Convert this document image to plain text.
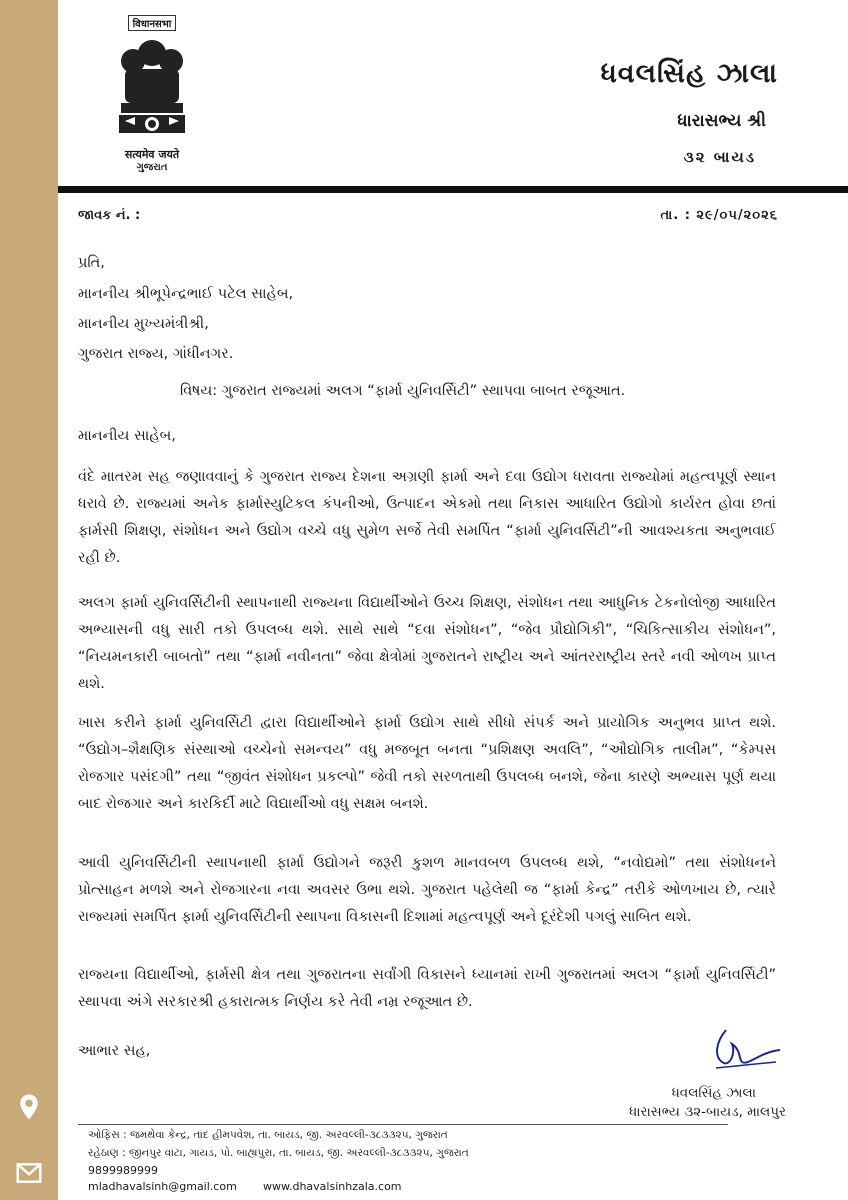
विधानसभा
सत्यमेव जयते
ગુજરાત
ધવલસિંહ ઝાલા
ધારાસભ્ય શ્રી
૩૨ બાયડ
જાવક નં. :	તા. : ૨૯/૦૫/૨૦૨૬
પ્રતિ,
માનનીય શ્રીભૂપેન્દ્રભાઈ પટેલ સાહેબ,
માનનીય મુખ્યમંત્રીશ્રી,
ગુજરાત રાજ્ય, ગાંધીનગર.
વિષય: ગુજરાત રાજ્યમાં અલગ “ફાર્મા યુનિવર્સિટી” સ્થાપવા બાબત રજૂઆત.
માનનીય સાહેબ,
વંદે માતરમ સહ જણાવવાનું કે ગુજરાત રાજ્ય દેશના અગ્રણી ફાર્મા અને દવા ઉદ્યોગ ધરાવતા રાજ્યોમાં મહત્વપૂર્ણ સ્થાન ધરાવે છે. રાજ્યમાં અનેક ફાર્માસ્યુટિકલ કંપનીઓ, ઉત્પાદન એકમો તથા નિકાસ આધારિત ઉદ્યોગો કાર્યરત હોવા છતાં ફાર્મસી શિક્ષણ, સંશોધન અને ઉદ્યોગ વચ્ચે વધુ સુમેળ સર્જે તેવી સમર્પિત “ફાર્મા યુનિવર્સિટી”ની આવશ્યકતા અનુભવાઈ રહી છે.
અલગ ફાર્મા યુનિવર્સિટીની સ્થાપનાથી રાજ્યના વિદ્યાર્થીઓને ઉચ્ચ શિક્ષણ, સંશોધન તથા આધુનિક ટેકનોલોજી આધારિત અભ્યાસની વધુ સારી તકો ઉપલબ્ધ થશે. સાથે સાથે “દવા સંશોધન”, “જેવ પ્રૌદ્યોગિકી”, “ચિકિત્સાકીય સંશોધન”, “નિયમનકારી બાબતો” તથા “ફાર્મા નવીનતા” જેવા ક્ષેત્રોમાં ગુજરાતને રાષ્ટ્રીય અને આંતરરાષ્ટ્રીય સ્તરે નવી ઓળખ પ્રાપ્ત થશે.
ખાસ કરીને ફાર્મા યુનિવર્સિટી દ્વારા વિદ્યાર્થીઓને ફાર્મા ઉદ્યોગ સાથે સીધો સંપર્ક અને પ્રાયોગિક અનુભવ પ્રાપ્ત થશે. “ઉદ્યોગ–શૈક્ષણિક સંસ્થાઓ વચ્ચેનો સમન્વય” વધુ મજબૂત બનતા “પ્રશિક્ષણ અવલિ”, “ઔદ્યોગિક તાલીમ”, “કેમ્પસ રોજગાર પસંદગી” તથા “જીવંત સંશોધન પ્રકલ્પો” જેવી તકો સરળતાથી ઉપલબ્ધ બનશે, જેના કારણે અભ્યાસ પૂર્ણ થયા બાદ રોજગાર અને કારકિર્દી માટે વિદ્યાર્થીઓ વધુ સક્ષમ બનશે.
આવી યુનિવર્સિટીની સ્થાપનાથી ફાર્મા ઉદ્યોગને જરૂરી કુશળ માનવબળ ઉપલબ્ધ થશે, “નવોદ્યમો” તથા સંશોધનને પ્રોત્સાહન મળશે અને રોજગારના નવા અવસર ઉભા થશે. ગુજરાત પહેલેથી જ “ફાર્મા કેન્દ્ર” તરીકે ઓળખાય છે, ત્યારે રાજ્યમાં સમર્પિત ફાર્મા યુનિવર્સિટીની સ્થાપના વિકાસની દિશામાં મહત્વપૂર્ણ અને દૂરંદેશી પગલું સાબિત થશે.
રાજ્યના વિદ્યાર્થીઓ, ફાર્મસી ક્ષેત્ર તથા ગુજરાતના સર્વાંગી વિકાસને ધ્યાનમાં રાખી ગુજરાતમાં અલગ “ફાર્મા યુનિવર્સિટી” સ્થાપવા અંગે સરકારશ્રી હકારાત્મક નિર્ણય કરે તેવી નમ્ર રજૂઆત છે.
આભાર સહ,
ધવલસિંહ ઝાલા
ધારાસભ્ય ૩૨-બાયડ, માલપુર
ઓફિસ : જમથેવા કેન્દ્ર, તાંદ હીમપવેશ, તા. બાયડ, જી. અરવલ્લી-૩૮૩૩૨૫, ગુજરાત
રહેઠાણ : જીનપુર વાંટા, ગાયડ, પો. બાહ્યપુરા, તા. બાયડ, જી. અરવલ્લી-૩૮૩૩૨૫, ગુજરાત
9899989999
mladhavalsinh@gmail.com www.dhavalsinhzala.com
